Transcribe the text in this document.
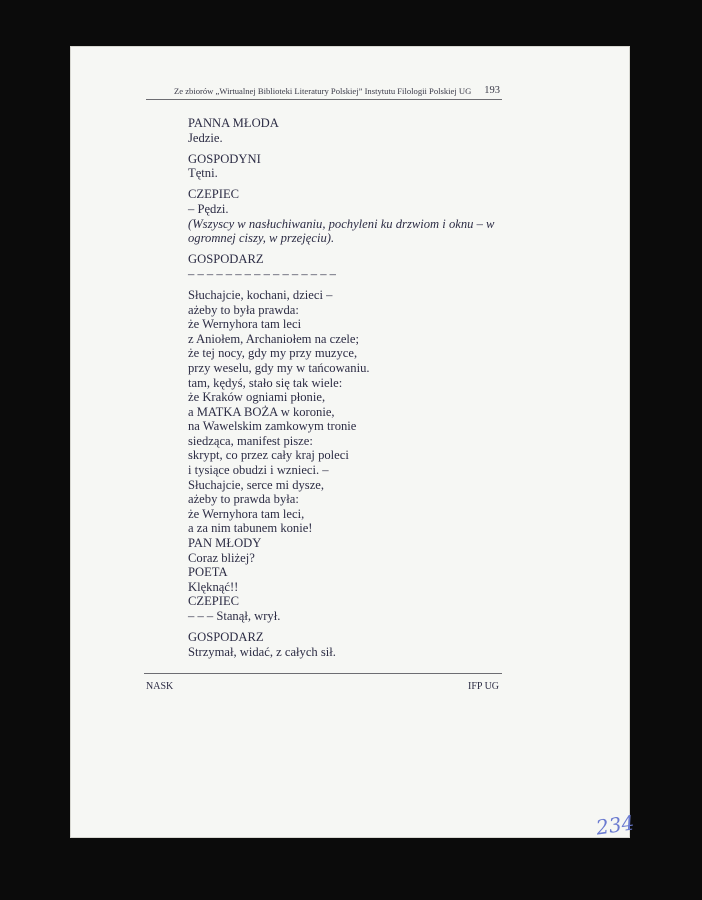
Ze zbiorów „Wirtualnej Biblioteki Literatury Polskiej” Instytutu Filologii Polskiej UG 193
PANNA MŁODA
Jedzie.
GOSPODYNI
Tętni.
CZEPIEC
– Pędzi.
(Wszyscy w nasłuchiwaniu, pochyleni ku drzwiom i oknu – w
ogromnej ciszy, w przejęciu).
GOSPODARZ
– – – – – – – – – – – – – – – –
Słuchajcie, kochani, dzieci –
ażeby to była prawda:
że Wernyhora tam leci
z Aniołem, Archaniołem na czele;
że tej nocy, gdy my przy muzyce,
przy weselu, gdy my w tańcowaniu.
tam, kędyś, stało się tak wiele:
że Kraków ogniami płonie,
a MATKA BOŻA w koronie,
na Wawelskim zamkowym tronie
siedząca, manifest pisze:
skrypt, co przez cały kraj poleci
i tysiące obudzi i wznieci. –
Słuchajcie, serce mi dysze,
ażeby to prawda była:
że Wernyhora tam leci,
a za nim tabunem konie!
PAN MŁODY
Coraz bliżej?
POETA
Klęknąć!!
CZEPIEC
– – – Stanął, wrył.
GOSPODARZ
Strzymał, widać, z całych sił.
NASK	IFP UG
234
